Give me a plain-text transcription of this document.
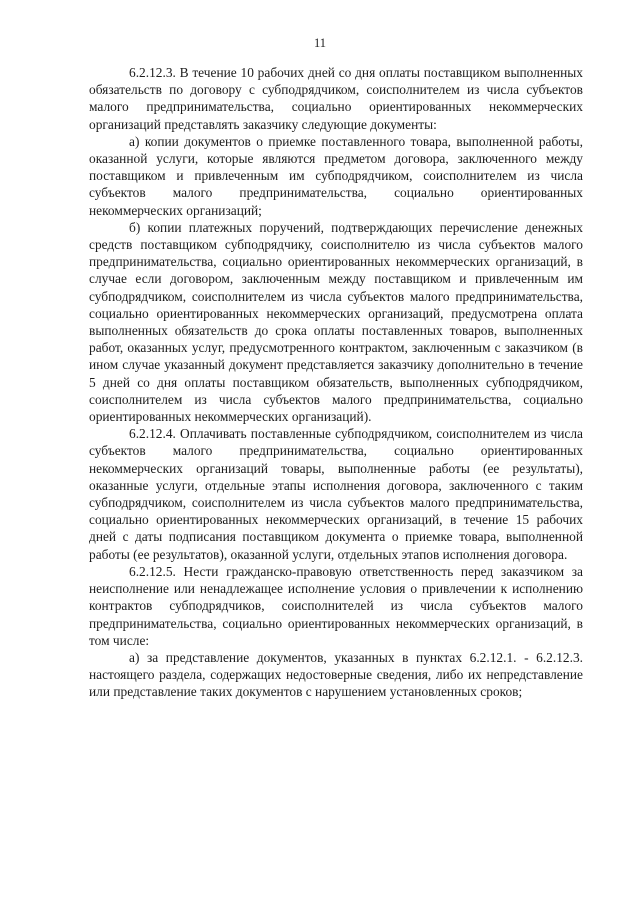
11

6.2.12.3. В течение 10 рабочих дней со дня оплаты поставщиком выполненных обязательств по договору с субподрядчиком, соисполнителем из числа субъектов малого предпринимательства, социально ориентированных некоммерческих организаций представлять заказчику следующие документы:

а) копии документов о приемке поставленного товара, выполненной работы, оказанной услуги, которые являются предметом договора, заключенного между поставщиком и привлеченным им субподрядчиком, соисполнителем из числа субъектов малого предпринимательства, социально ориентированных некоммерческих организаций;

б) копии платежных поручений, подтверждающих перечисление денежных средств поставщиком субподрядчику, соисполнителю из числа субъектов малого предпринимательства, социально ориентированных некоммерческих организаций, в случае если договором, заключенным между поставщиком и привлеченным им субподрядчиком, соисполнителем из числа субъектов малого предпринимательства, социально ориентированных некоммерческих организаций, предусмотрена оплата выполненных обязательств до срока оплаты поставленных товаров, выполненных работ, оказанных услуг, предусмотренного контрактом, заключенным с заказчиком (в ином случае указанный документ представляется заказчику дополнительно в течение 5 дней со дня оплаты поставщиком обязательств, выполненных субподрядчиком, соисполнителем из числа субъектов малого предпринимательства, социально ориентированных некоммерческих организаций).

6.2.12.4. Оплачивать поставленные субподрядчиком, соисполнителем из числа субъектов малого предпринимательства, социально ориентированных некоммерческих организаций товары, выполненные работы (ее результаты), оказанные услуги, отдельные этапы исполнения договора, заключенного с таким субподрядчиком, соисполнителем из числа субъектов малого предпринимательства, социально ориентированных некоммерческих организаций, в течение 15 рабочих дней с даты подписания поставщиком документа о приемке товара, выполненной работы (ее результатов), оказанной услуги, отдельных этапов исполнения договора.

6.2.12.5. Нести гражданско-правовую ответственность перед заказчиком за неисполнение или ненадлежащее исполнение условия о привлечении к исполнению контрактов субподрядчиков, соисполнителей из числа субъектов малого предпринимательства, социально ориентированных некоммерческих организаций, в том числе:

а) за представление документов, указанных в пунктах 6.2.12.1. - 6.2.12.3. настоящего раздела, содержащих недостоверные сведения, либо их непредставление или представление таких документов с нарушением установленных сроков;
